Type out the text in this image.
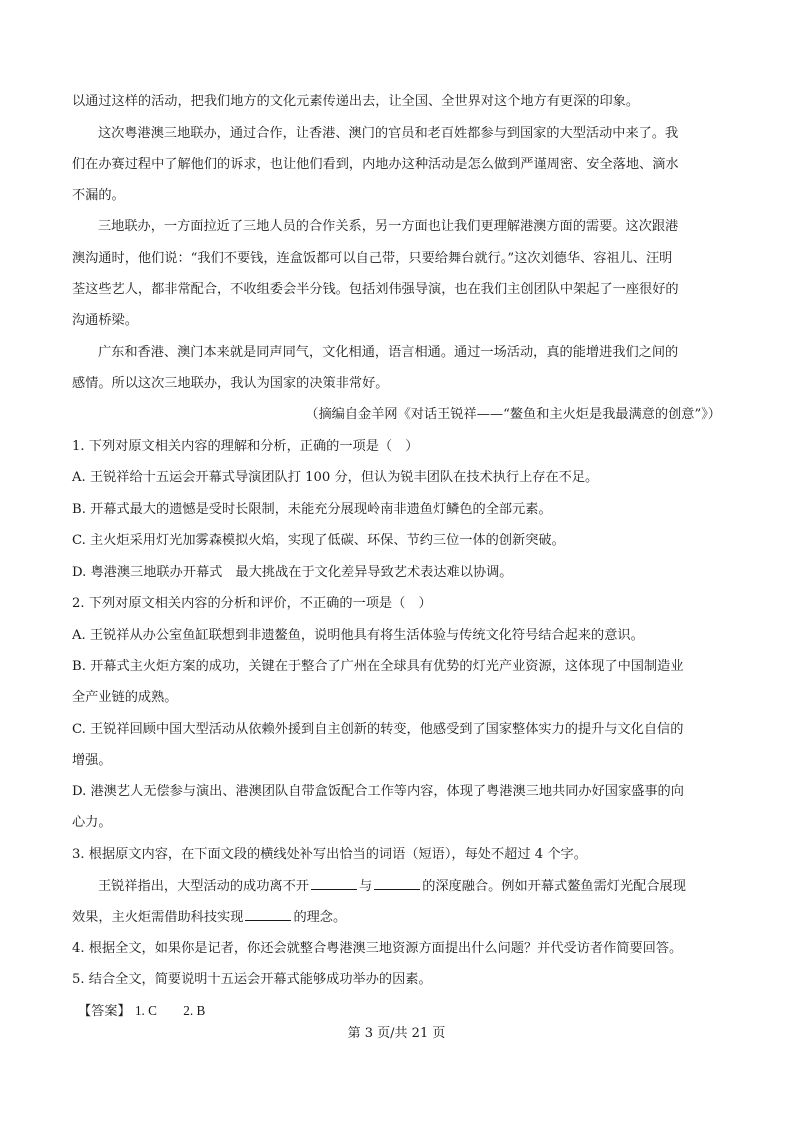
以通过这样的活动，把我们地方的文化元素传递出去，让全国、全世界对这个地方有更深的印象。
这次粤港澳三地联办，通过合作，让香港、澳门的官员和老百姓都参与到国家的大型活动中来了。我
们在办赛过程中了解他们的诉求，也让他们看到，内地办这种活动是怎么做到严谨周密、安全落地、滴水
不漏的。
三地联办，一方面拉近了三地人员的合作关系，另一方面也让我们更理解港澳方面的需要。这次跟港
澳沟通时，他们说：“我们不要钱，连盒饭都可以自己带，只要给舞台就行。”这次刘德华、容祖儿、汪明
荃这些艺人，都非常配合，不收组委会半分钱。包括刘伟强导演，也在我们主创团队中架起了一座很好的
沟通桥梁。
广东和香港、澳门本来就是同声同气，文化相通，语言相通。通过一场活动，真的能增进我们之间的
感情。所以这次三地联办，我认为国家的决策非常好。
（摘编自金羊网《对话王锐祥——“鳌鱼和主火炬是我最满意的创意”》）
1. 下列对原文相关内容的理解和分析，正确的一项是（　）
A. 王锐祥给十五运会开幕式导演团队打 100 分，但认为锐丰团队在技术执行上存在不足。
B. 开幕式最大的遗憾是受时长限制，未能充分展现岭南非遗鱼灯鳞色的全部元素。
C. 主火炬采用灯光加雾森模拟火焰，实现了低碳、环保、节约三位一体的创新突破。
D. 粤港澳三地联办开幕式　最大挑战在于文化差异导致艺术表达难以协调。
2. 下列对原文相关内容的分析和评价，不正确的一项是（　）
A. 王锐祥从办公室鱼缸联想到非遗鳌鱼，说明他具有将生活体验与传统文化符号结合起来的意识。
B. 开幕式主火炬方案的成功，关键在于整合了广州在全球具有优势的灯光产业资源，这体现了中国制造业
全产业链的成熟。
C. 王锐祥回顾中国大型活动从依赖外援到自主创新的转变，他感受到了国家整体实力的提升与文化自信的
增强。
D. 港澳艺人无偿参与演出、港澳团队自带盒饭配合工作等内容，体现了粤港澳三地共同办好国家盛事的向
心力。
3. 根据原文内容，在下面文段的横线处补写出恰当的词语（短语），每处不超过 4 个字。
王锐祥指出，大型活动的成功离不开	与	的深度融合。例如开幕式鳌鱼需灯光配合展现
效果，主火炬需借助科技实现	的理念。
4. 根据全文，如果你是记者，你还会就整合粤港澳三地资源方面提出什么问题？并代受访者作简要回答。
5. 结合全文，简要说明十五运会开幕式能够成功举办的因素。
【答案】 1. C　　2. B
第 3 页/共 21 页
